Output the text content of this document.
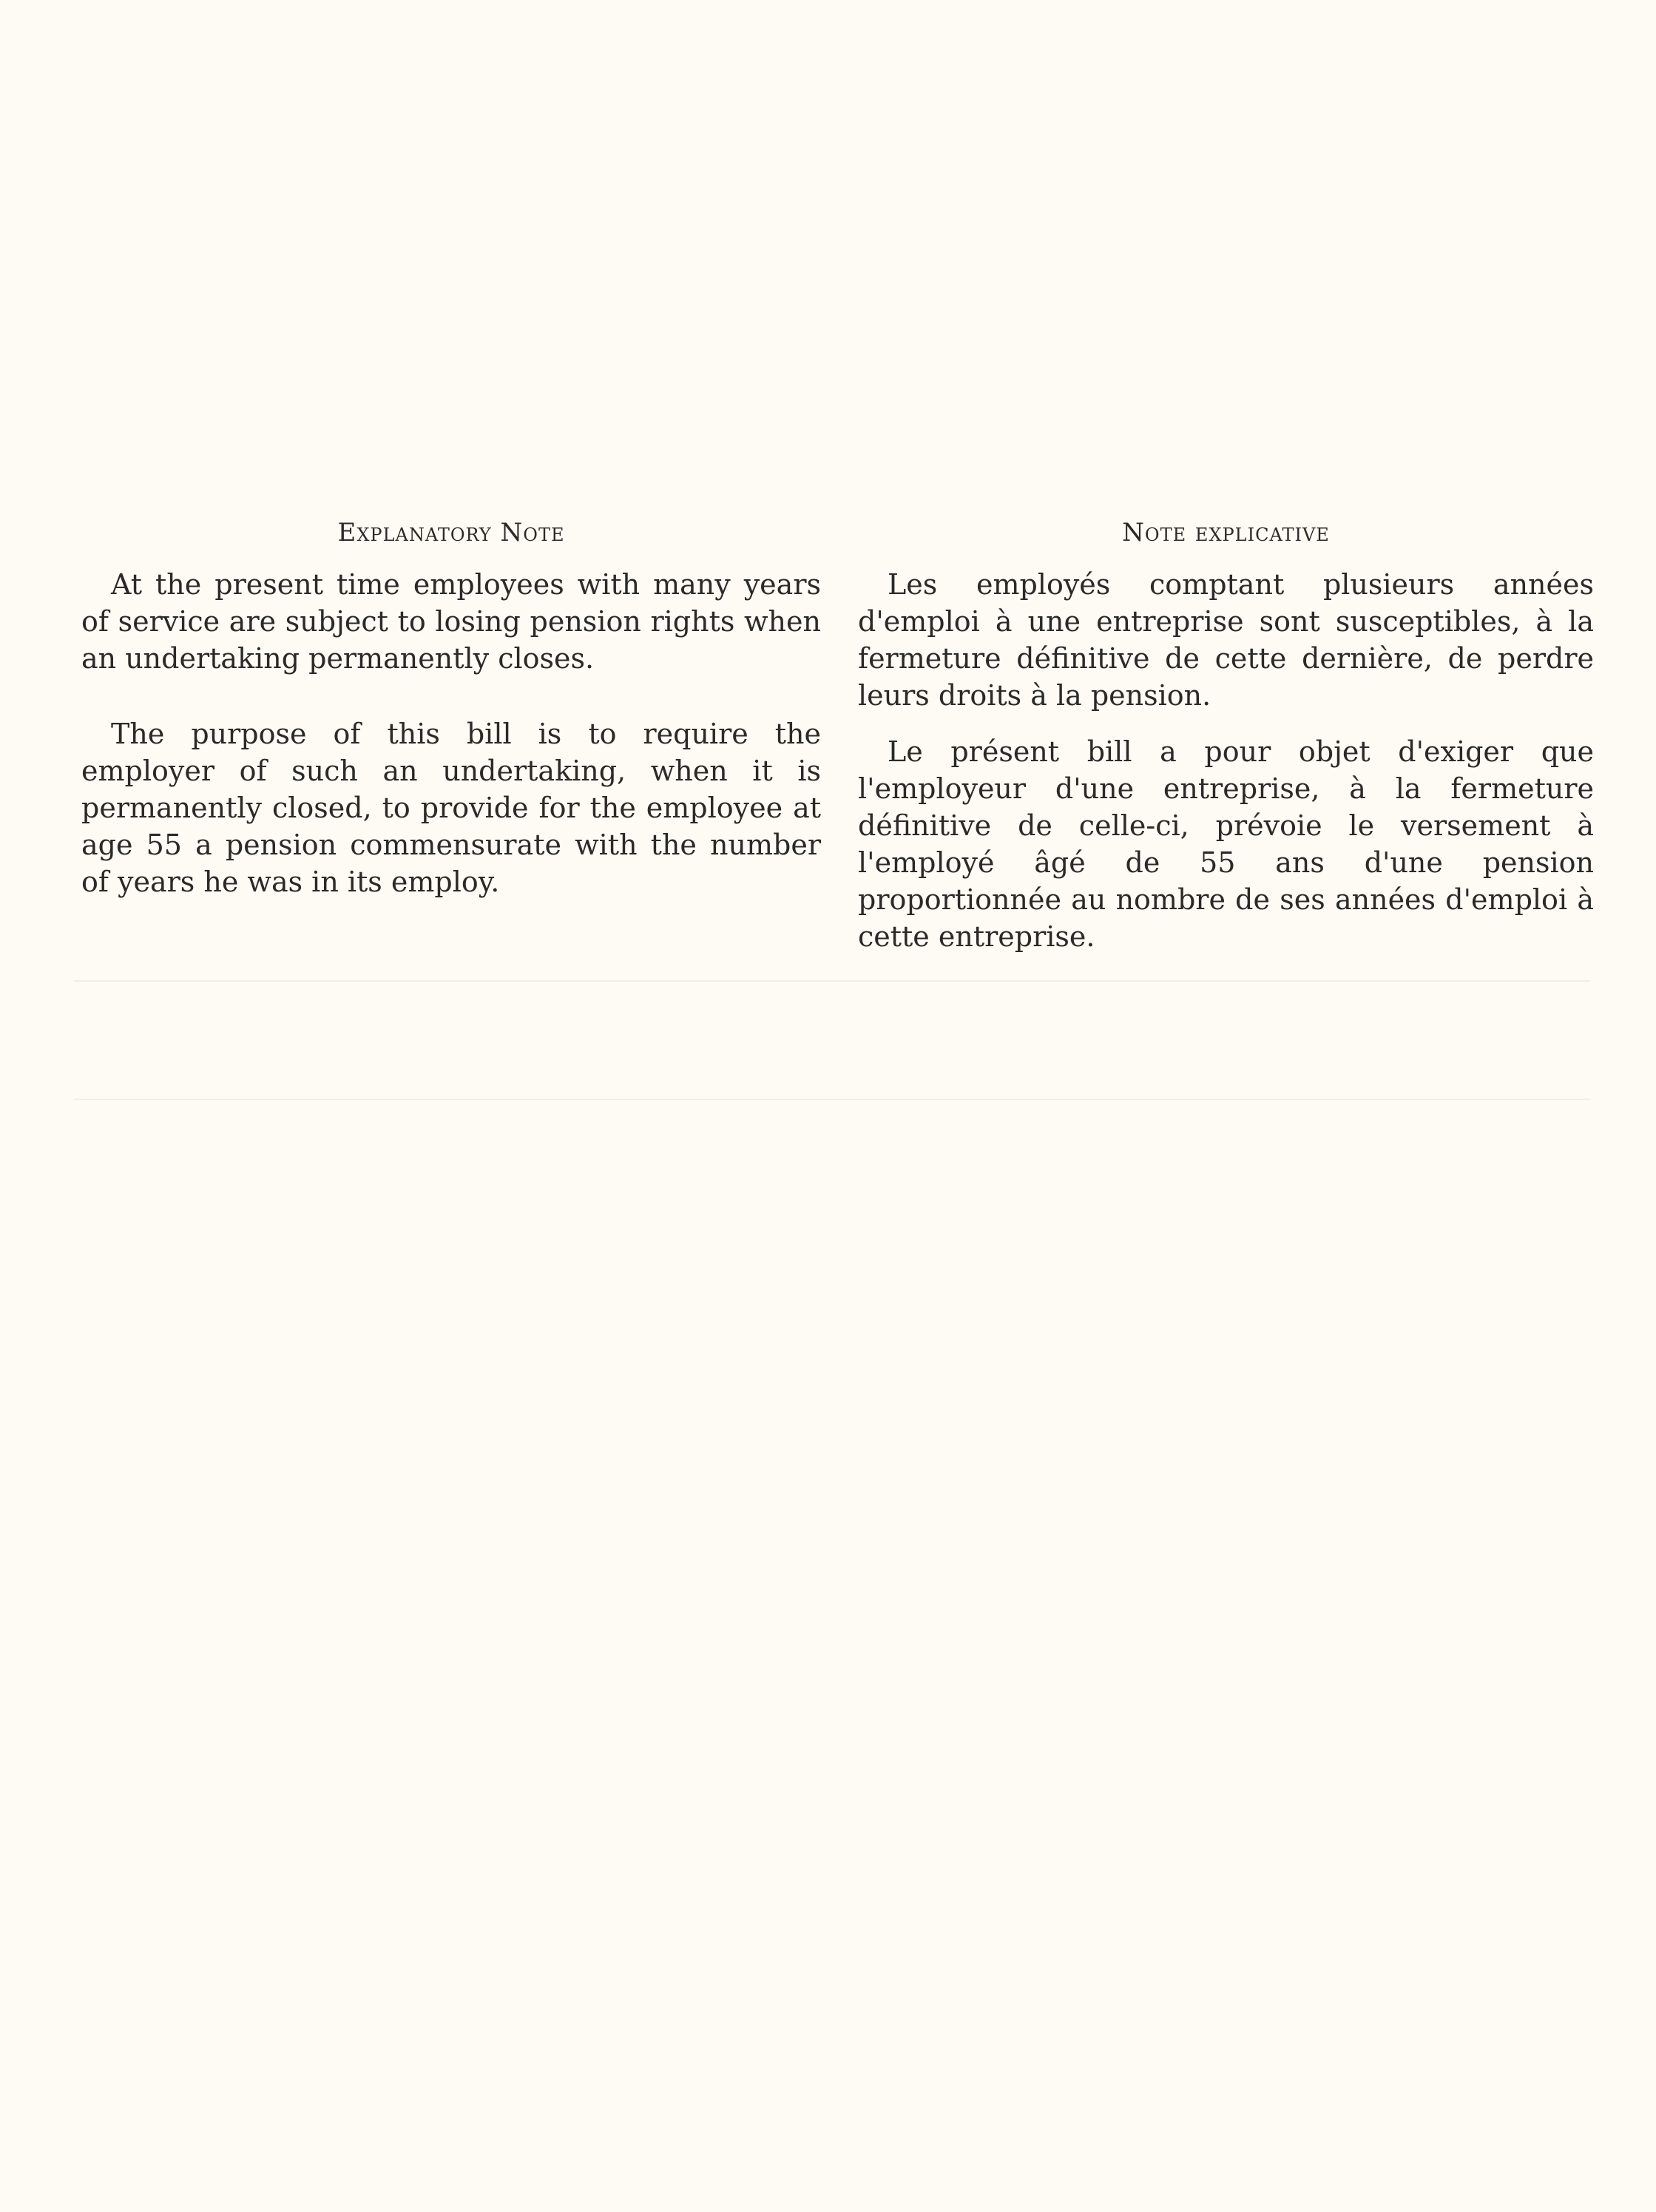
Explanatory Note

At the present time employees with many years of service are subject to losing pension rights when an undertaking permanently closes.

The purpose of this bill is to require the employer of such an undertaking, when it is permanently closed, to provide for the employee at age 55 a pension commensurate with the number of years he was in its employ.

Note explicative

Les employés comptant plusieurs années d'emploi à une entreprise sont susceptibles, à la fermeture définitive de cette dernière, de perdre leurs droits à la pension.

Le présent bill a pour objet d'exiger que l'employeur d'une entreprise, à la fermeture définitive de celle-ci, prévoie le versement à l'employé âgé de 55 ans d'une pension proportionnée au nombre de ses années d'emploi à cette entreprise.
